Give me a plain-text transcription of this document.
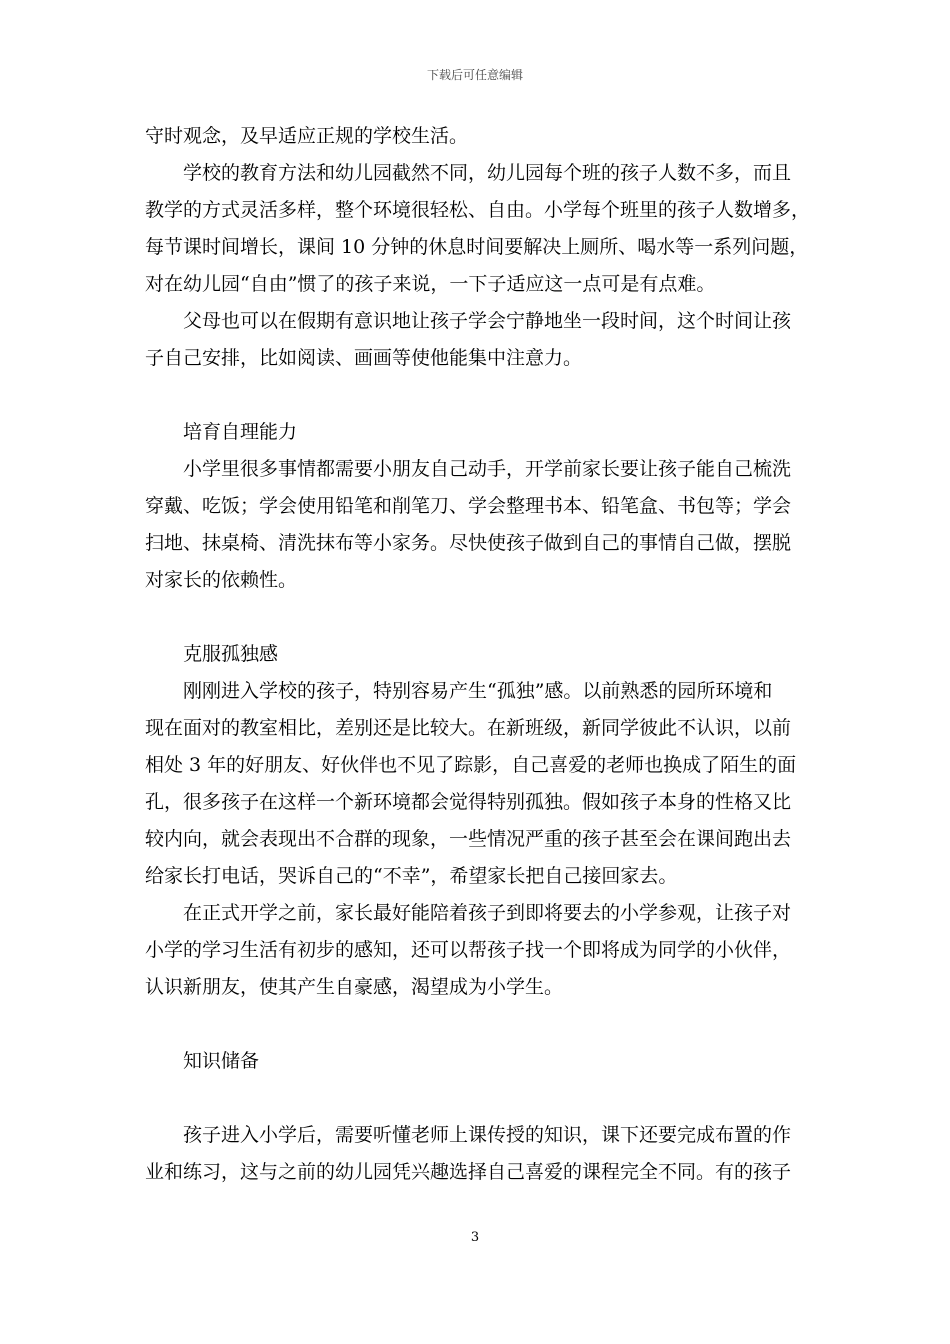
下载后可任意编辑
守时观念，及早适应正规的学校生活。
学校的教育方法和幼儿园截然不同，幼儿园每个班的孩子人数不多，而且
教学的方式灵活多样，整个环境很轻松、自由。小学每个班里的孩子人数增多，
每节课时间增长，课间 10 分钟的休息时间要解决上厕所、喝水等一系列问题，
对在幼儿园“自由”惯了的孩子来说，一下子适应这一点可是有点难。
父母也可以在假期有意识地让孩子学会宁静地坐一段时间，这个时间让孩
子自己安排，比如阅读、画画等使他能集中注意力。
培育自理能力
小学里很多事情都需要小朋友自己动手，开学前家长要让孩子能自己梳洗
穿戴、吃饭；学会使用铅笔和削笔刀、学会整理书本、铅笔盒、书包等；学会
扫地、抹桌椅、清洗抹布等小家务。尽快使孩子做到自己的事情自己做，摆脱
对家长的依赖性。
克服孤独感
刚刚进入学校的孩子，特别容易产生“孤独”感。以前熟悉的园所环境和
现在面对的教室相比，差别还是比较大。在新班级，新同学彼此不认识，以前
相处 3 年的好朋友、好伙伴也不见了踪影，自己喜爱的老师也换成了陌生的面
孔，很多孩子在这样一个新环境都会觉得特别孤独。假如孩子本身的性格又比
较内向，就会表现出不合群的现象，一些情况严重的孩子甚至会在课间跑出去
给家长打电话，哭诉自己的“不幸”，希望家长把自己接回家去。
在正式开学之前，家长最好能陪着孩子到即将要去的小学参观，让孩子对
小学的学习生活有初步的感知，还可以帮孩子找一个即将成为同学的小伙伴，
认识新朋友，使其产生自豪感，渴望成为小学生。
知识储备
孩子进入小学后，需要听懂老师上课传授的知识，课下还要完成布置的作
业和练习，这与之前的幼儿园凭兴趣选择自己喜爱的课程完全不同。有的孩子
3
